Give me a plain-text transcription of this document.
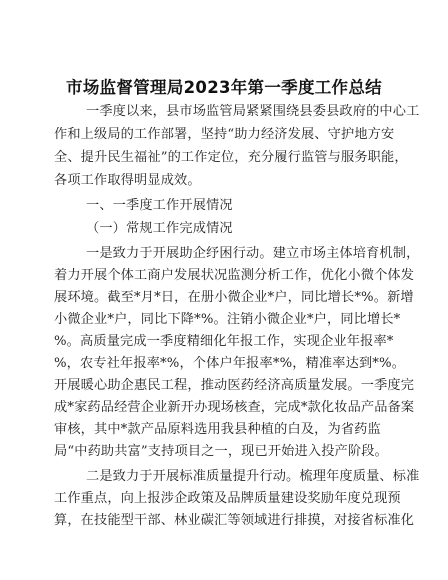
市场监督管理局2023年第一季度工作总结
一季度以来，县市场监管局紧紧围绕县委县政府的中心工
作和上级局的工作部署，坚持“助力经济发展、守护地方安
全、提升民生福祉”的工作定位，充分履行监管与服务职能，
各项工作取得明显成效。
一、一季度工作开展情况
（一）常规工作完成情况
一是致力于开展助企纾困行动。建立市场主体培育机制，
着力开展个体工商户发展状况监测分析工作，优化小微个体发
展环境。截至*月*日，在册小微企业*户，同比增长*%。新增
小微企业*户，同比下降*%。注销小微企业*户，同比增长*
%。高质量完成一季度精细化年报工作，实现企业年报率*
%，农专社年报率*%，个体户年报率*%，精准率达到*%。
开展暖心助企惠民工程，推动医药经济高质量发展。一季度完
成*家药品经营企业新开办现场核查，完成*款化妆品产品备案
审核，其中*款产品原料选用我县种植的白及，为省药监
局“中药助共富”支持项目之一，现已开始进入投产阶段。
二是致力于开展标准质量提升行动。梳理年度质量、标准
工作重点，向上报涉企政策及品牌质量建设奖励年度兑现预
算，在技能型干部、林业碳汇等领域进行排摸，对接省标准化
